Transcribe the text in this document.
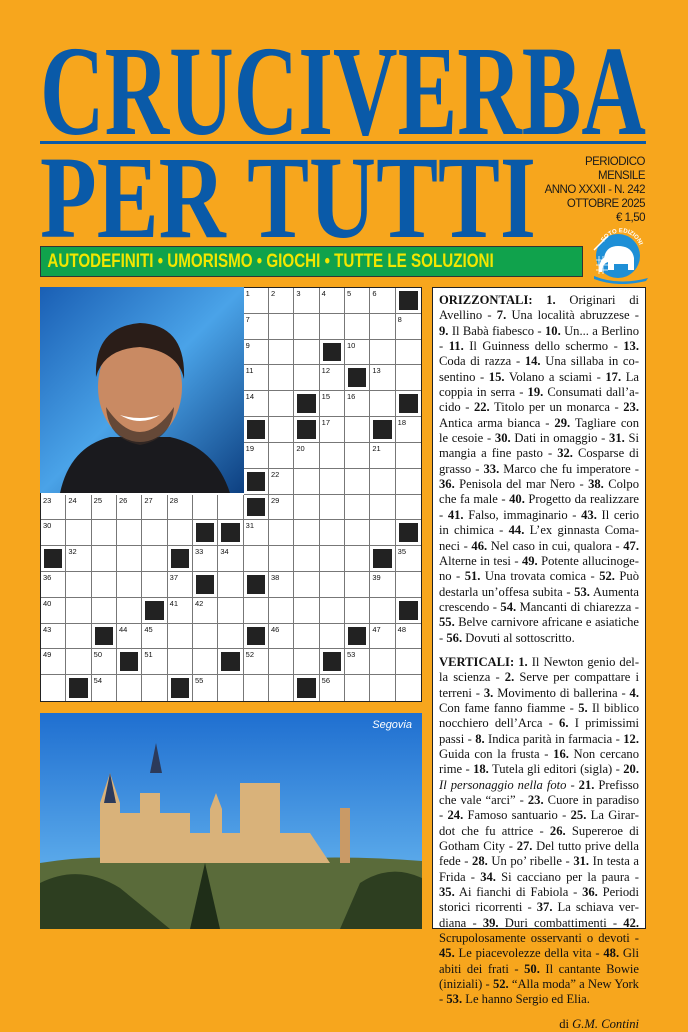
CRUCIVERBA
PER TUTTI	PERIODICO
MENSILE
ANNO XXXII - N. 242
OTTOBRE 2025
€ 1,50
AUTODEFINITI • UMORISMO • GIOCHI • TUTTE LE SOLUZIONI
FOTO EDIZIONI
1	2	3	4	5	6
7	8
9	10
11	12	13
14	15 16
17	18
19	20	21
22
23 24 25 26 27 28	29
30	31
32	33 34	35
36	37	38	39
40	41 42
43	44 45	46	47 48
49	50	51	52	53
54	55	56

ORIZZONTALI: 1. Originari di Avellino - 7. Una località abruzzese - 9. Il Babà fiabesco - 10. Un... a Berlino - 11. Il Guinness dello schermo - 13. Coda di razza - 14. Una sillaba in cosentino - 15. Volano a sciami - 17. La coppia in serra - 19. Consumati dall’acido - 22. Titolo per un monarca - 23. Antica arma bianca - 29. Tagliare con le cesoie - 30. Dati in omaggio - 31. Si mangia a fine pasto - 32. Cosparse di grasso - 33. Marco che fu imperatore - 36. Penisola del mar Nero - 38. Colpo che fa male - 40. Progetto da realizzare - 41. Falso, immaginario - 43. Il cerio in chimica - 44. L’ex ginnasta Comaneci - 46. Nel caso in cui, qualora - 47. Alterne in tesi - 49. Potente allucinogeno - 51. Una trovata comica - 52. Può destarla un’offesa subita - 53. Aumenta crescendo - 54. Mancanti di chiarezza - 55. Belve carnivore africane e asiatiche - 56. Dovuti al sottoscritto.

VERTICALI: 1. Il Newton genio della scienza - 2. Serve per compattare i terreni - 3. Movimento di ballerina - 4. Con fame fanno fiamme - 5. Il biblico nocchiero dell’Arca - 6. I primissimi passi - 8. Indica parità in farmacia - 12. Guida con la frusta - 16. Non cercano rime - 18. Tutela gli editori (sigla) - 20. Il personaggio nella foto - 21. Prefisso che vale “arci” - 23. Cuore in paradiso - 24. Famoso santuario - 25. La Girardot che fu attrice - 26. Supereroe di Gotham City - 27. Del tutto prive della fede - 28. Un po’ ribelle - 31. In testa a Frida - 34. Si cacciano per la paura - 35. Ai fianchi di Fabiola - 36. Periodi storici ricorrenti - 37. La schiava verdiana - 39. Duri combattimenti - 42. Scrupolosamente osservanti o devoti - 45. Le piacevolezze della vita - 48. Gli abiti dei frati - 50. Il cantante Bowie (iniziali) - 52. “Alla moda” a New York - 53. Le hanno Sergio ed Elia.

di G.M. Contini
Segovia
